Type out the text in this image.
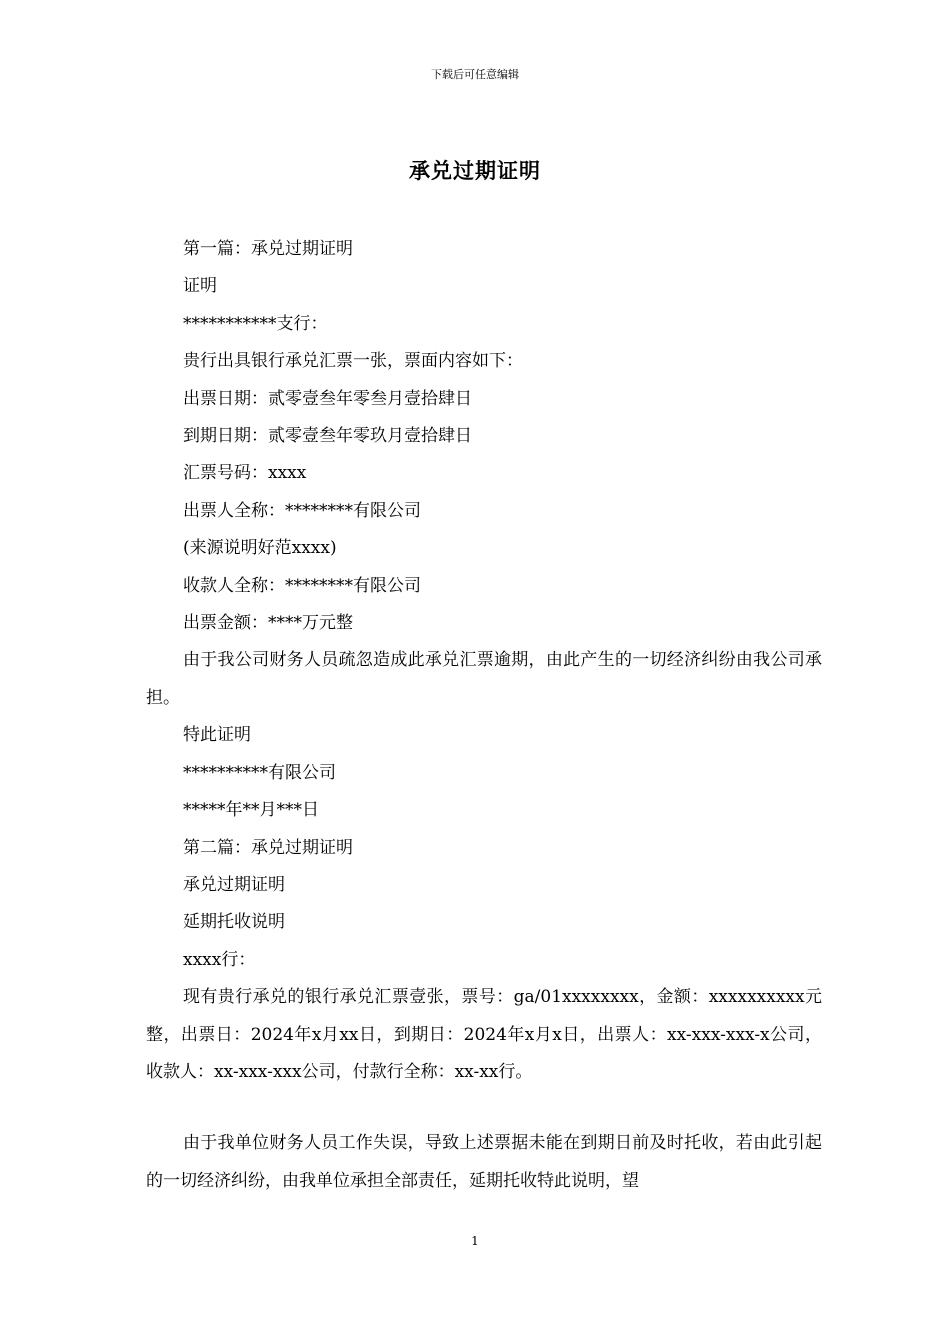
下载后可任意编辑
承兑过期证明

第一篇：承兑过期证明

证明

***********支行：

贵行出具银行承兑汇票一张，票面内容如下：

出票日期：贰零壹叁年零叁月壹拾肆日

到期日期：贰零壹叁年零玖月壹拾肆日

汇票号码：xxxx

出票人全称：********有限公司

(来源说明好范xxxx)

收款人全称：********有限公司

出票金额：****万元整

由于我公司财务人员疏忽造成此承兑汇票逾期，由此产生的一切经济纠纷由我公司承担。

特此证明

**********有限公司

*****年**月***日

第二篇：承兑过期证明

承兑过期证明

延期托收说明

xxxx行：

现有贵行承兑的银行承兑汇票壹张，票号：ga/01xxxxxxxx，金额：xxxxxxxxxx元整，出票日：2024年x月xx日，到期日：2024年x月x日，出票人：xx-xxx-xxx-x公司，收款人：xx-xxx-xxx公司，付款行全称：xx-xx行。

由于我单位财务人员工作失误，导致上述票据未能在到期日前及时托收，若由此引起的一切经济纠纷，由我单位承担全部责任，延期托收特此说明，望

1
